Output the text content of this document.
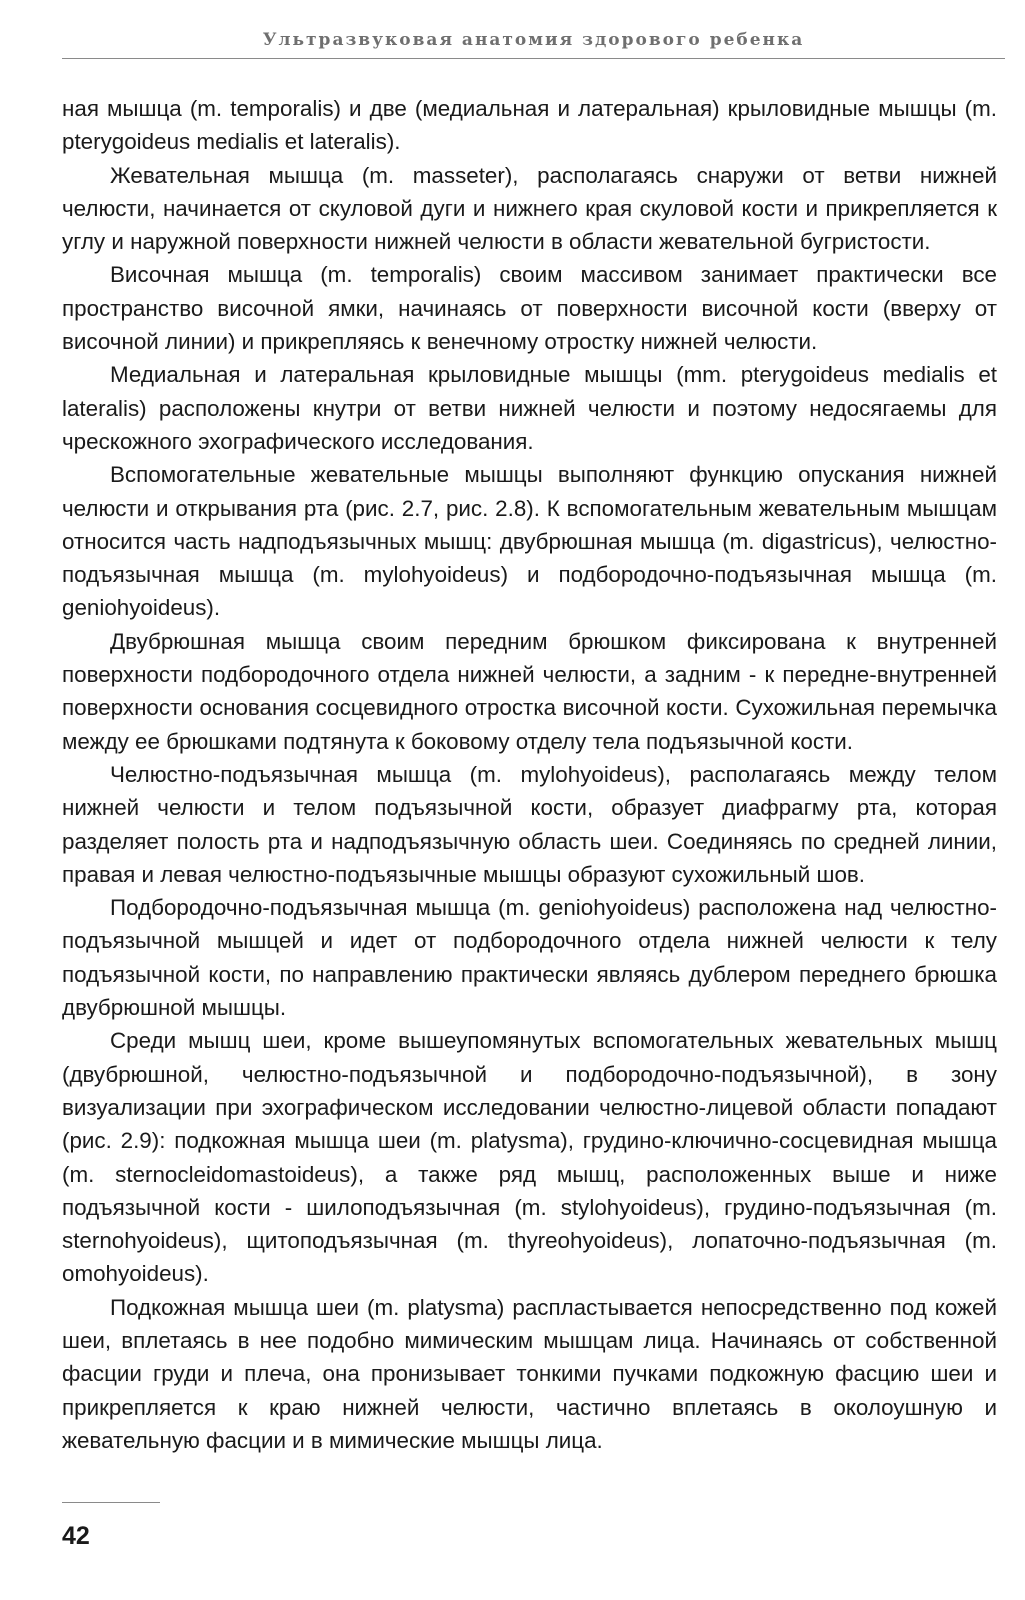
Ультразвуковая анатомия здорового ребенка

ная мышца (m. temporalis) и две (медиальная и латеральная) крыловидные мышцы (m. pterygoideus medialis et lateralis).

Жевательная мышца (m. masseter), располагаясь снаружи от ветви нижней челюсти, начинается от скуловой дуги и нижнего края скуловой кости и прикрепляется к углу и наружной поверхности нижней челюсти в области жевательной бугристости.

Височная мышца (m. temporalis) своим массивом занимает практически все пространство височной ямки, начинаясь от поверхности височной кости (вверху от височной линии) и прикрепляясь к венечному отростку нижней челюсти.

Медиальная и латеральная крыловидные мышцы (mm. pterygoideus medialis et lateralis) расположены кнутри от ветви нижней челюсти и поэтому недосягаемы для чрескожного эхографического исследования.

Вспомогательные жевательные мышцы выполняют функцию опускания нижней челюсти и открывания рта (рис. 2.7, рис. 2.8). К вспомогательным жевательным мышцам относится часть надподъязычных мышц: двубрюшная мышца (m. digastricus), челюстно-подъязычная мышца (m. mylohyoideus) и подбородочно-подъязычная мышца (m. geniohyoideus).

Двубрюшная мышца своим передним брюшком фиксирована к внутренней поверхности подбородочного отдела нижней челюсти, а задним - к передне-внутренней поверхности основания сосцевидного отростка височной кости. Сухожильная перемычка между ее брюшками подтянута к боковому отделу тела подъязычной кости.

Челюстно-подъязычная мышца (m. mylohyoideus), располагаясь между телом нижней челюсти и телом подъязычной кости, образует диафрагму рта, которая разделяет полость рта и надподъязычную область шеи. Соединяясь по средней линии, правая и левая челюстно-подъязычные мышцы образуют сухожильный шов.

Подбородочно-подъязычная мышца (m. geniohyoideus) расположена над челюстно-подъязычной мышцей и идет от подбородочного отдела нижней челюсти к телу подъязычной кости, по направлению практически являясь дублером переднего брюшка двубрюшной мышцы.

Среди мышц шеи, кроме вышеупомянутых вспомогательных жевательных мышц (двубрюшной, челюстно-подъязычной и подбородочно-подъязычной), в зону визуализации при эхографическом исследовании челюстно-лицевой области попадают (рис. 2.9): подкожная мышца шеи (m. platysma), грудино-ключично-сосцевидная мышца (m. sternocleidomastoideus), а также ряд мышц, расположенных выше и ниже подъязычной кости - шилоподъязычная (m. stylohyoideus), грудино-подъязычная (m. sternohyoideus), щитоподъязычная (m. thyreohyoideus), лопаточно-подъязычная (m. omohyoideus).

Подкожная мышца шеи (m. platysma) распластывается непосредственно под кожей шеи, вплетаясь в нее подобно мимическим мышцам лица. Начинаясь от собственной фасции груди и плеча, она пронизывает тонкими пучками подкожную фасцию шеи и прикрепляется к краю нижней челюсти, частично вплетаясь в околоушную и жевательную фасции и в мимические мышцы лица.

42
